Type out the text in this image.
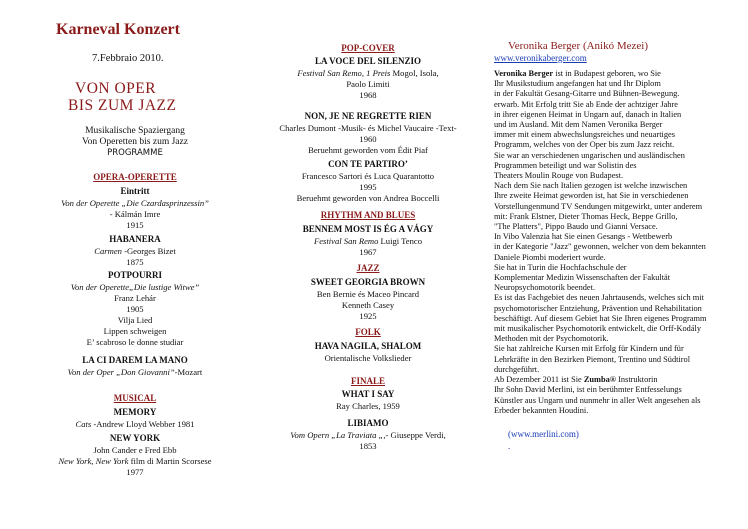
Karneval Konzert
7.Febbraio 2010.
VON OPER
BIS ZUM JAZZ
Musikalische Spaziergang
Von Operetten bis zum Jazz
PROGRAMME
OPERA-OPERETTE
Eintritt
Von der Operette „Die Czardasprinzessin”
- Kálmán Imre
1915
HABANERA
Carmen -Georges Bizet
1875
POTPOURRI
Von der Operette„Die lustige Witwe”
Franz Lehár
1905
Vilja Lied
Lippen schweigen
E’ scabroso le donne studiar
LA CI DAREM LA MANO
Von der Oper „Don Giovanni”-Mozart
MUSICAL
MEMORY
Cats -Andrew Lloyd Webber 1981
NEW YORK
John Cander e Fred Ebb
New York, New York film di Martin Scorsese
1977
POP-COVER
LA VOCE DEL SILENZIO
Festival San Remo, 1 Preis Mogol, Isola,
Paolo Limiti
1968
NON, JE NE REGRETTE RIEN
Charles Dumont -Musik- és Michel Vaucaire -Text-
1960
Beruehmt geworden vom Édit Piaf
CON TE PARTIRO’
Francesco Sartori és Luca Quarantotto
1995
Beruehmt geworden von Andrea Boccelli
RHYTHM AND BLUES
BENNEM MOST IS ÉG A VÁGY
Festival San Remo Luigi Tenco
1967
JAZZ
SWEET GEORGIA BROWN
Ben Bernie és Maceo Pincard
Kenneth Casey
1925
FOLK
HAVA NAGILA, SHALOM
Orientalische Volkslieder
FINALE
WHAT I SAY
Ray Charles, 1959
LIBIAMO
Vom Opern „La Traviata „,- Giuseppe Verdi,
1853
Veronika Berger (Anikó Mezei)
www.veronikaberger.com
Veronika Berger ist in Budapest geboren, wo Sie
Ihr Musikstudium angefangen hat und Ihr Diplom
in der Fakultät Gesang-Gitarre und Bühnen-Bewegung.
erwarb. Mit Erfolg tritt Sie ab Ende der achtziger Jahre
in ihrer eigenen Heimat in Ungarn auf, danach in Italien
und im Ausland. Mit dem Namen Veronika Berger
immer mit einem abwechslungsreiches und neuartiges
Programm, welches von der Oper bis zum Jazz reicht.
Sie war an verschiedenen ungarischen und ausländischen
Programmen beteiligt und war Solistin des
Theaters Moulin Rouge von Budapest.
Nach dem Sie nach Italien gezogen ist welche inzwischen
Ihre zweite Heimat geworden ist, hat Sie in verschiedenen
Vorstellungenmund TV Sendungen mitgewirkt, unter anderem
mit: Frank Elstner, Dieter Thomas Heck, Beppe Grillo,
"The Platters", Pippo Baudo und Gianni Versace.
In Vibo Valenzia hat Sie einen Gesangs - Wettbewerb
in der Kategorie "Jazz" gewonnen, welcher von dem bekannten
Daniele Piombi moderiert wurde.
Sie hat in Turin die Hochfachschule der
Komplementar Medizin Wissenschaften der Fakultät
Neuropsychomotorik beendet.
Es ist das Fachgebiet des neuen Jahrtausends, welches sich mit
psychomotorischer Entziehung, Prävention und Rehabilitation
beschäftigt. Auf diesem Gebiet hat Sie Ihren eigenes Programm
mit musikalischer Psychomotorik entwickelt, die Orff-Kodály
Methoden mit der Psychomotorik.
Sie hat zahlreiche Kursen mit Erfolg für Kindern und für
Lehrkräfte in den Bezirken Piemont, Trentino und Südtirol
durchgeführt.
Ab Dezember 2011 ist Sie Zumba® Instruktorin
Ihr Sohn David Merlini, ist ein berühmter Entfesselungs
Künstler aus Ungarn und nunmehr in aller Welt angesehen als
Erbeder bekannten Houdini.
(www.merlini.com)
.
